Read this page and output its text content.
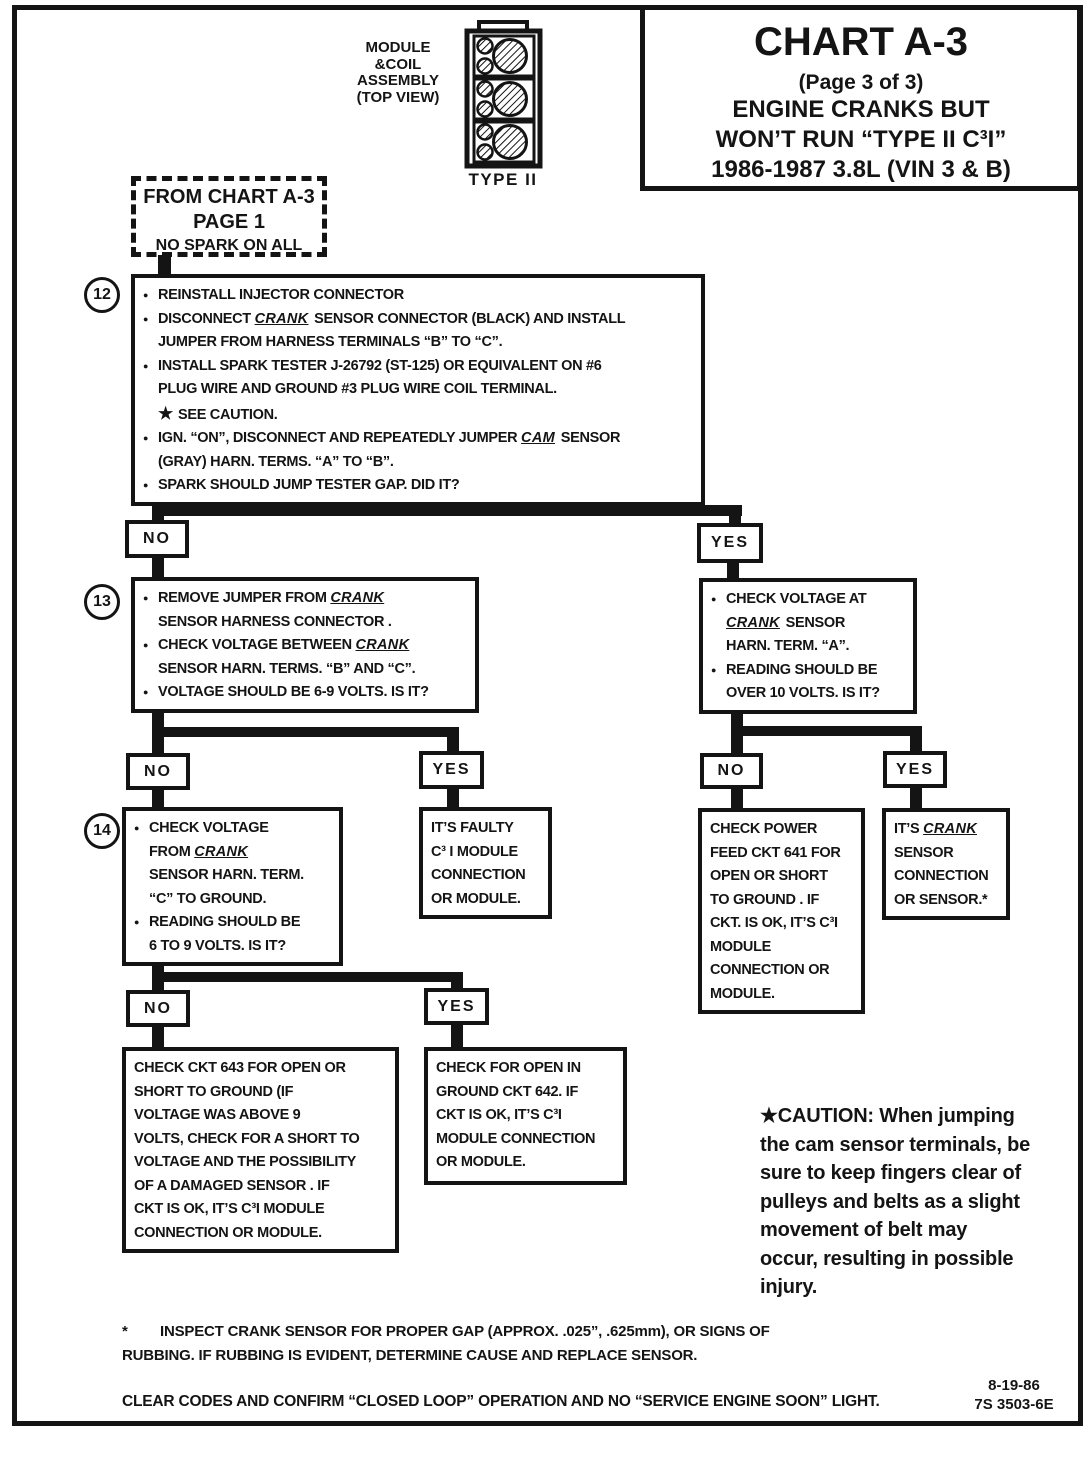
CHART A-3
(Page 3 of 3)
ENGINE CRANKS BUT
WON’T RUN “TYPE II C³I”
1986-1987 3.8L (VIN 3 & B)
MODULE
&COIL
ASSEMBLY
(TOP VIEW)
TYPE II
FROM CHART A-3
PAGE 1
NO SPARK ON ALL
12	● REINSTALL INJECTOR CONNECTOR
● DISCONNECT CRANK SENSOR CONNECTOR (BLACK) AND INSTALL
JUMPER FROM HARNESS TERMINALS “B” TO “C”.
● INSTALL SPARK TESTER J-26792 (ST-125) OR EQUIVALENT ON #6
PLUG WIRE AND GROUND #3 PLUG WIRE COIL TERMINAL.
★ SEE CAUTION.
● IGN. “ON”, DISCONNECT AND REPEATEDLY JUMPER CAM SENSOR
(GRAY) HARN. TERMS. “A” TO “B”.
● SPARK SHOULD JUMP TESTER GAP. DID IT?
NO	YES
13	● REMOVE JUMPER FROM CRANK
SENSOR HARNESS CONNECTOR .
● CHECK VOLTAGE BETWEEN CRANK
SENSOR HARN. TERMS. “B” AND “C”.
● VOLTAGE SHOULD BE 6-9 VOLTS. IS IT?
● CHECK VOLTAGE AT
CRANK SENSOR
HARN. TERM. “A”.
● READING SHOULD BE
OVER 10 VOLTS. IS IT?
NO	YES
14	● CHECK VOLTAGE
FROM CRANK
SENSOR HARN. TERM.
“C” TO GROUND.
● READING SHOULD BE
6 TO 9 VOLTS. IS IT?
IT’S FAULTY
C³ I MODULE
CONNECTION
OR MODULE.
NO	YES
CHECK POWER
FEED CKT 641 FOR
OPEN OR SHORT
TO GROUND . IF
CKT. IS OK, IT’S C³I
MODULE
CONNECTION OR
MODULE.
IT’S CRANK
SENSOR
CONNECTION
OR SENSOR.*
NO	YES
CHECK CKT 643 FOR OPEN OR
SHORT TO GROUND (IF
VOLTAGE WAS ABOVE 9
VOLTS, CHECK FOR A SHORT TO
VOLTAGE AND THE POSSIBILITY
OF A DAMAGED SENSOR . IF
CKT IS OK, IT’S C³I MODULE
CONNECTION OR MODULE.
CHECK FOR OPEN IN
GROUND CKT 642. IF
CKT IS OK, IT’S C³I
MODULE CONNECTION
OR MODULE.
★CAUTION: When jumping
the cam sensor terminals, be
sure to keep fingers clear of
pulleys and belts as a slight
movement of belt may
occur, resulting in possible
injury.
*	INSPECT CRANK SENSOR FOR PROPER GAP (APPROX. .025”, .625mm), OR SIGNS OF
RUBBING. IF RUBBING IS EVIDENT, DETERMINE CAUSE AND REPLACE SENSOR.
CLEAR CODES AND CONFIRM “CLOSED LOOP” OPERATION AND NO “SERVICE ENGINE SOON” LIGHT.
8-19-86
7S 3503-6E
